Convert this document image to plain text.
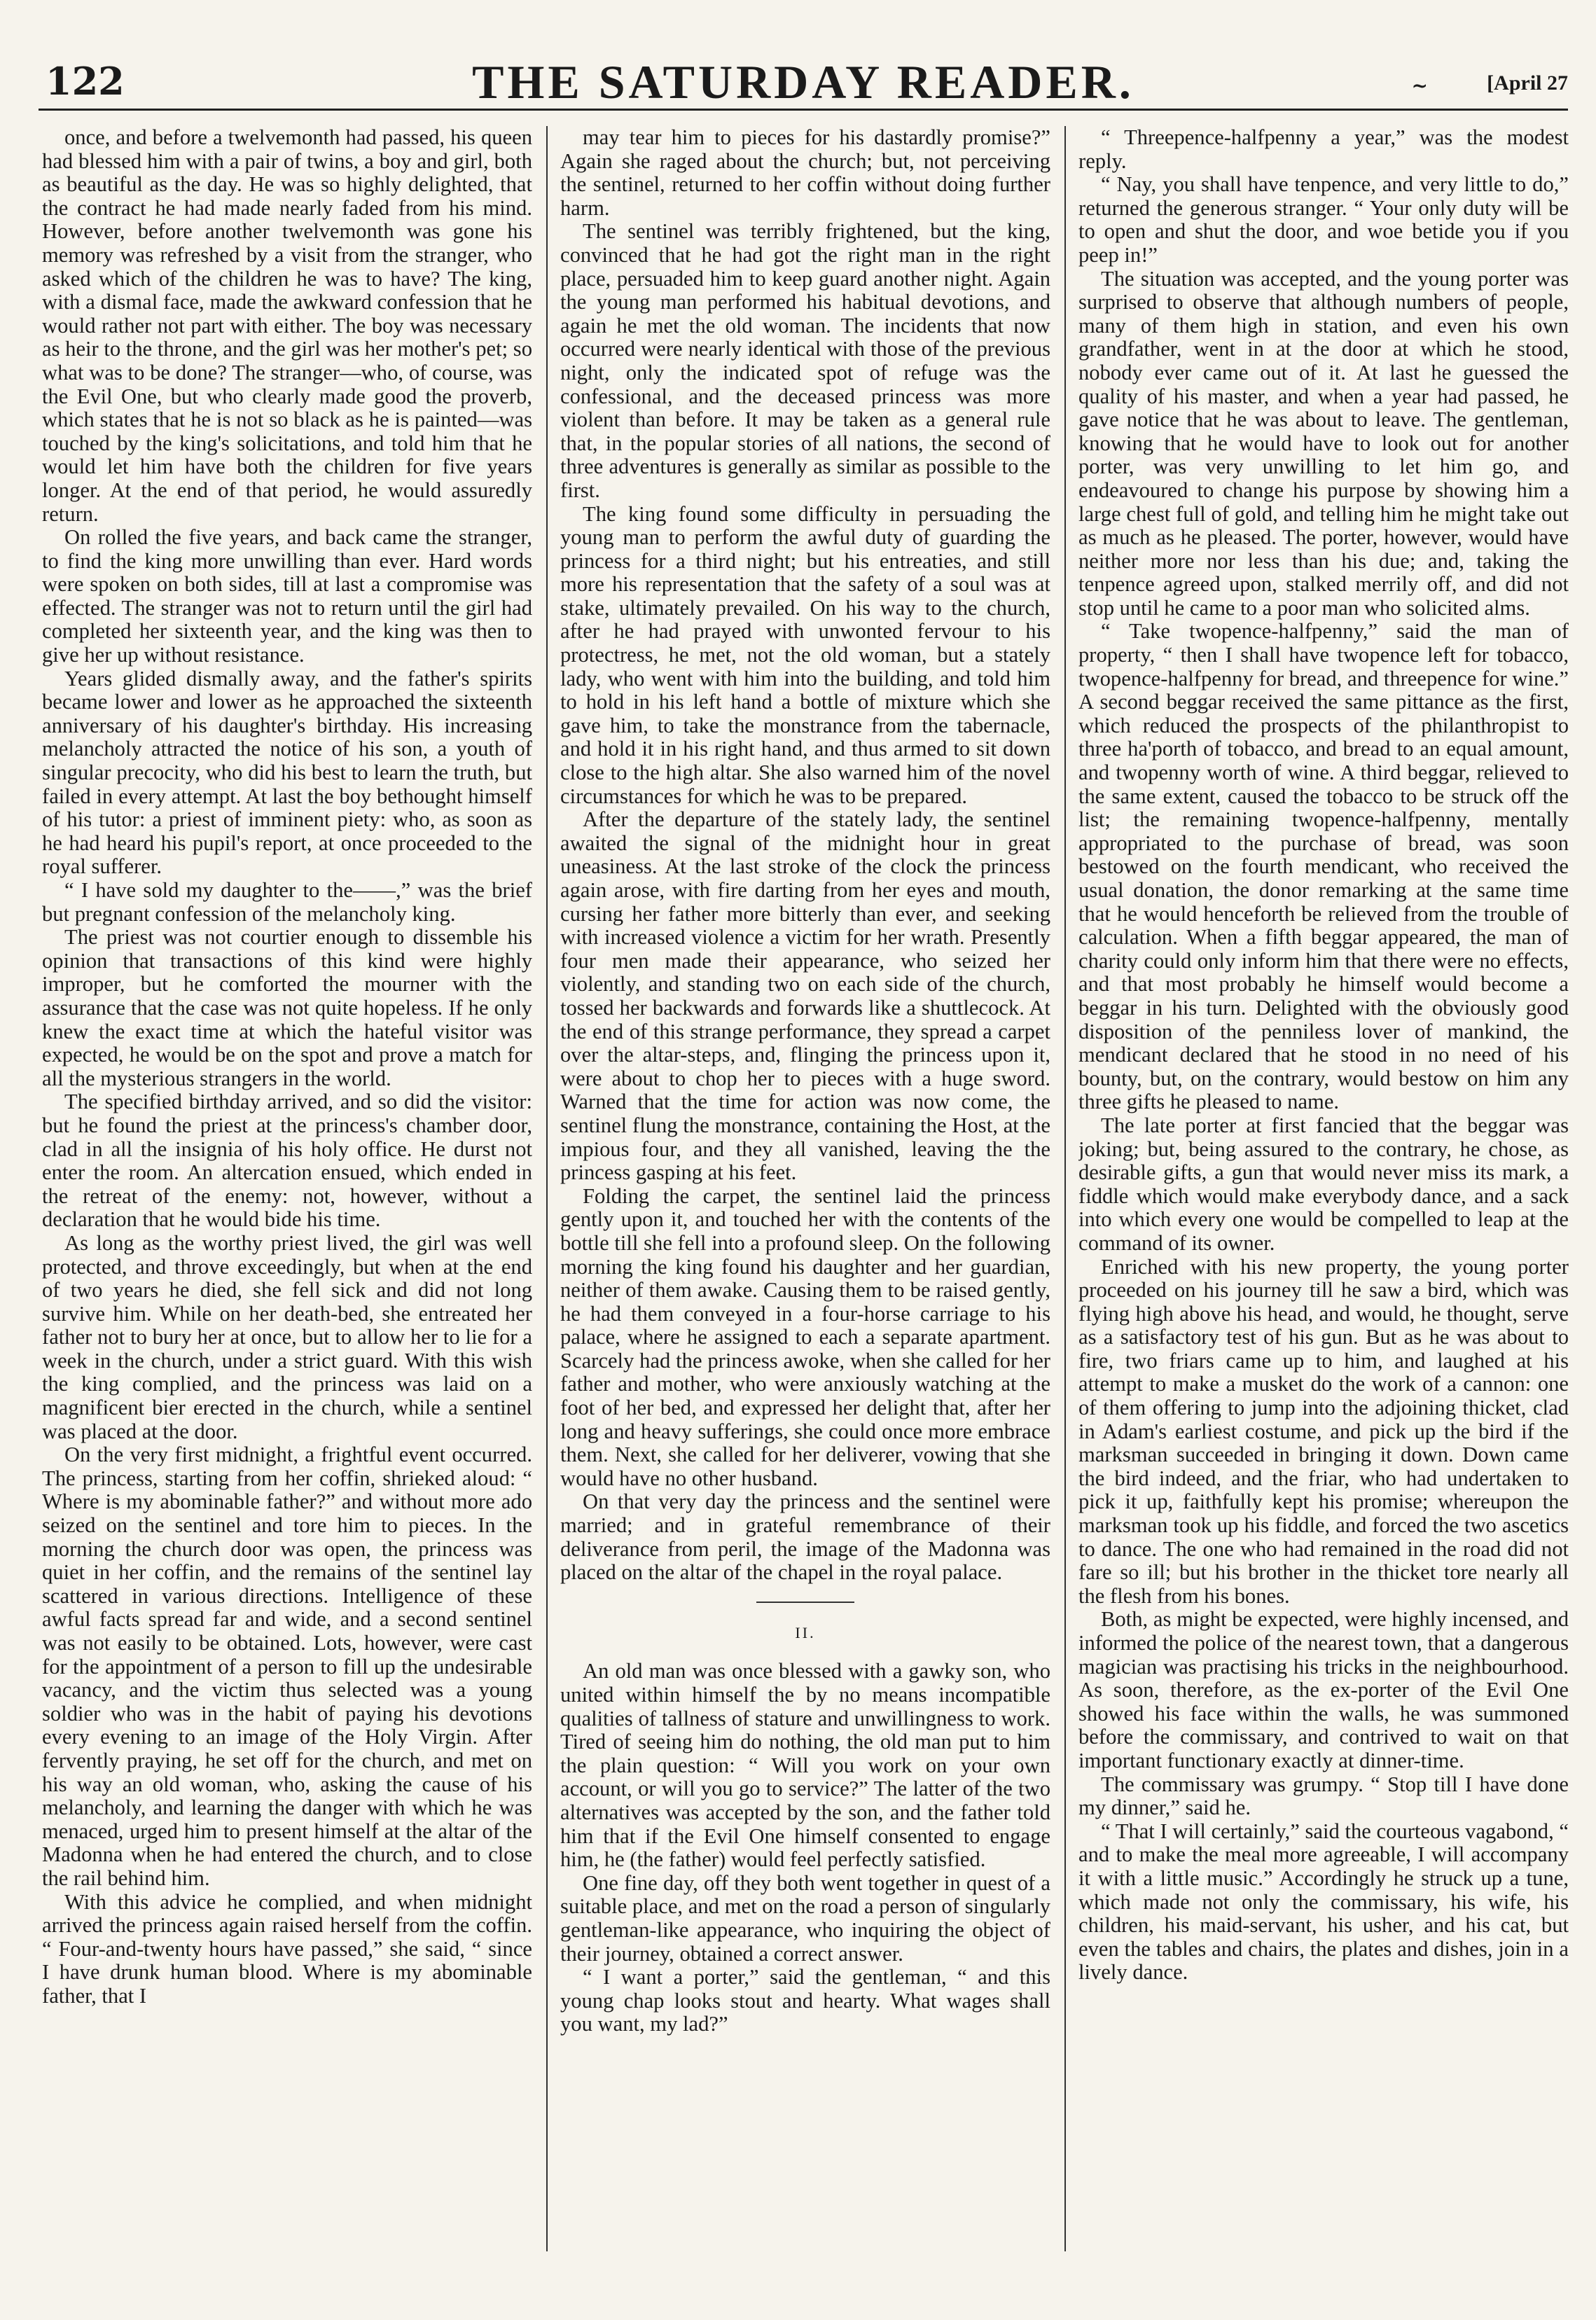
122	THE SATURDAY READER.	~	[April 27

once, and before a twelvemonth had passed, his queen had blessed him with a pair of twins, a boy and girl, both as beautiful as the day. He was so highly delighted, that the contract he had made nearly faded from his mind. However, before another twelvemonth was gone his memory was refreshed by a visit from the stranger, who asked which of the children he was to have? The king, with a dismal face, made the awkward confession that he would rather not part with either. The boy was necessary as heir to the throne, and the girl was her mother's pet; so what was to be done? The stranger—who, of course, was the Evil One, but who clearly made good the proverb, which states that he is not so black as he is painted—was touched by the king's solicitations, and told him that he would let him have both the children for five years longer. At the end of that period, he would assuredly return.

On rolled the five years, and back came the stranger, to find the king more unwilling than ever. Hard words were spoken on both sides, till at last a compromise was effected. The stranger was not to return until the girl had completed her sixteenth year, and the king was then to give her up without resistance.

Years glided dismally away, and the father's spirits became lower and lower as he approached the sixteenth anniversary of his daughter's birthday. His increasing melancholy attracted the notice of his son, a youth of singular precocity, who did his best to learn the truth, but failed in every attempt. At last the boy bethought himself of his tutor: a priest of imminent piety: who, as soon as he had heard his pupil's report, at once proceeded to the royal sufferer.

“ I have sold my daughter to the——,” was the brief but pregnant confession of the melancholy king.

The priest was not courtier enough to dissemble his opinion that transactions of this kind were highly improper, but he comforted the mourner with the assurance that the case was not quite hopeless. If he only knew the exact time at which the hateful visitor was expected, he would be on the spot and prove a match for all the mysterious strangers in the world.

The specified birthday arrived, and so did the visitor: but he found the priest at the princess's chamber door, clad in all the insignia of his holy office. He durst not enter the room. An altercation ensued, which ended in the retreat of the enemy: not, however, without a declaration that he would bide his time.

As long as the worthy priest lived, the girl was well protected, and throve exceedingly, but when at the end of two years he died, she fell sick and did not long survive him. While on her death-bed, she entreated her father not to bury her at once, but to allow her to lie for a week in the church, under a strict guard. With this wish the king complied, and the princess was laid on a magnificent bier erected in the church, while a sentinel was placed at the door.

On the very first midnight, a frightful event occurred. The princess, starting from her coffin, shrieked aloud: “ Where is my abominable father?” and without more ado seized on the sentinel and tore him to pieces. In the morning the church door was open, the princess was quiet in her coffin, and the remains of the sentinel lay scattered in various directions. Intelligence of these awful facts spread far and wide, and a second sentinel was not easily to be obtained. Lots, however, were cast for the appointment of a person to fill up the undesirable vacancy, and the victim thus selected was a young soldier who was in the habit of paying his devotions every evening to an image of the Holy Virgin. After fervently praying, he set off for the church, and met on his way an old woman, who, asking the cause of his melancholy, and learning the danger with which he was menaced, urged him to present himself at the altar of the Madonna when he had entered the church, and to close the rail behind him.

With this advice he complied, and when midnight arrived the princess again raised herself from the coffin. “ Four-and-twenty hours have passed,” she said, “ since I have drunk human blood. Where is my abominable father, that I

may tear him to pieces for his dastardly promise?” Again she raged about the church; but, not perceiving the sentinel, returned to her coffin without doing further harm.

The sentinel was terribly frightened, but the king, convinced that he had got the right man in the right place, persuaded him to keep guard another night. Again the young man performed his habitual devotions, and again he met the old woman. The incidents that now occurred were nearly identical with those of the previous night, only the indicated spot of refuge was the confessional, and the deceased princess was more violent than before. It may be taken as a general rule that, in the popular stories of all nations, the second of three adventures is generally as similar as possible to the first.

The king found some difficulty in persuading the young man to perform the awful duty of guarding the princess for a third night; but his entreaties, and still more his representation that the safety of a soul was at stake, ultimately prevailed. On his way to the church, after he had prayed with unwonted fervour to his protectress, he met, not the old woman, but a stately lady, who went with him into the building, and told him to hold in his left hand a bottle of mixture which she gave him, to take the monstrance from the tabernacle, and hold it in his right hand, and thus armed to sit down close to the high altar. She also warned him of the novel circumstances for which he was to be prepared.

After the departure of the stately lady, the sentinel awaited the signal of the midnight hour in great uneasiness. At the last stroke of the clock the princess again arose, with fire darting from her eyes and mouth, cursing her father more bitterly than ever, and seeking with increased violence a victim for her wrath. Presently four men made their appearance, who seized her violently, and standing two on each side of the church, tossed her backwards and forwards like a shuttlecock. At the end of this strange performance, they spread a carpet over the altar-steps, and, flinging the princess upon it, were about to chop her to pieces with a huge sword. Warned that the time for action was now come, the sentinel flung the monstrance, containing the Host, at the impious four, and they all vanished, leaving the the princess gasping at his feet.

Folding the carpet, the sentinel laid the princess gently upon it, and touched her with the contents of the bottle till she fell into a profound sleep. On the following morning the king found his daughter and her guardian, neither of them awake. Causing them to be raised gently, he had them conveyed in a four-horse carriage to his palace, where he assigned to each a separate apartment. Scarcely had the princess awoke, when she called for her father and mother, who were anxiously watching at the foot of her bed, and expressed her delight that, after her long and heavy sufferings, she could once more embrace them. Next, she called for her deliverer, vowing that she would have no other husband.

On that very day the princess and the sentinel were married; and in grateful remembrance of their deliverance from peril, the image of the Madonna was placed on the altar of the chapel in the royal palace.

II.

An old man was once blessed with a gawky son, who united within himself the by no means incompatible qualities of tallness of stature and unwillingness to work. Tired of seeing him do nothing, the old man put to him the plain question: “ Will you work on your own account, or will you go to service?” The latter of the two alternatives was accepted by the son, and the father told him that if the Evil One himself consented to engage him, he (the father) would feel perfectly satisfied.

One fine day, off they both went together in quest of a suitable place, and met on the road a person of singularly gentleman-like appearance, who inquiring the object of their journey, obtained a correct answer.

“ I want a porter,” said the gentleman, “ and this young chap looks stout and hearty. What wages shall you want, my lad?”

“ Threepence-halfpenny a year,” was the modest reply.

“ Nay, you shall have tenpence, and very little to do,” returned the generous stranger. “ Your only duty will be to open and shut the door, and woe betide you if you peep in!”

The situation was accepted, and the young porter was surprised to observe that although numbers of people, many of them high in station, and even his own grandfather, went in at the door at which he stood, nobody ever came out of it. At last he guessed the quality of his master, and when a year had passed, he gave notice that he was about to leave. The gentleman, knowing that he would have to look out for another porter, was very unwilling to let him go, and endeavoured to change his purpose by showing him a large chest full of gold, and telling him he might take out as much as he pleased. The porter, however, would have neither more nor less than his due; and, taking the tenpence agreed upon, stalked merrily off, and did not stop until he came to a poor man who solicited alms.

“ Take twopence-halfpenny,” said the man of property, “ then I shall have twopence left for tobacco, twopence-halfpenny for bread, and threepence for wine.” A second beggar received the same pittance as the first, which reduced the prospects of the philanthropist to three ha'porth of tobacco, and bread to an equal amount, and twopenny worth of wine. A third beggar, relieved to the same extent, caused the tobacco to be struck off the list; the remaining twopence-halfpenny, mentally appropriated to the purchase of bread, was soon bestowed on the fourth mendicant, who received the usual donation, the donor remarking at the same time that he would henceforth be relieved from the trouble of calculation. When a fifth beggar appeared, the man of charity could only inform him that there were no effects, and that most probably he himself would become a beggar in his turn. Delighted with the obviously good disposition of the penniless lover of mankind, the mendicant declared that he stood in no need of his bounty, but, on the contrary, would bestow on him any three gifts he pleased to name.

The late porter at first fancied that the beggar was joking; but, being assured to the contrary, he chose, as desirable gifts, a gun that would never miss its mark, a fiddle which would make everybody dance, and a sack into which every one would be compelled to leap at the command of its owner.

Enriched with his new property, the young porter proceeded on his journey till he saw a bird, which was flying high above his head, and would, he thought, serve as a satisfactory test of his gun. But as he was about to fire, two friars came up to him, and laughed at his attempt to make a musket do the work of a cannon: one of them offering to jump into the adjoining thicket, clad in Adam's earliest costume, and pick up the bird if the marksman succeeded in bringing it down. Down came the bird indeed, and the friar, who had undertaken to pick it up, faithfully kept his promise; whereupon the marksman took up his fiddle, and forced the two ascetics to dance. The one who had remained in the road did not fare so ill; but his brother in the thicket tore nearly all the flesh from his bones.

Both, as might be expected, were highly incensed, and informed the police of the nearest town, that a dangerous magician was practising his tricks in the neighbourhood. As soon, therefore, as the ex-porter of the Evil One showed his face within the walls, he was summoned before the commissary, and contrived to wait on that important functionary exactly at dinner-time.

The commissary was grumpy. “ Stop till I have done my dinner,” said he.

“ That I will certainly,” said the courteous vagabond, “ and to make the meal more agreeable, I will accompany it with a little music.” Accordingly he struck up a tune, which made not only the commissary, his wife, his children, his maid-servant, his usher, and his cat, but even the tables and chairs, the plates and dishes, join in a lively dance.
